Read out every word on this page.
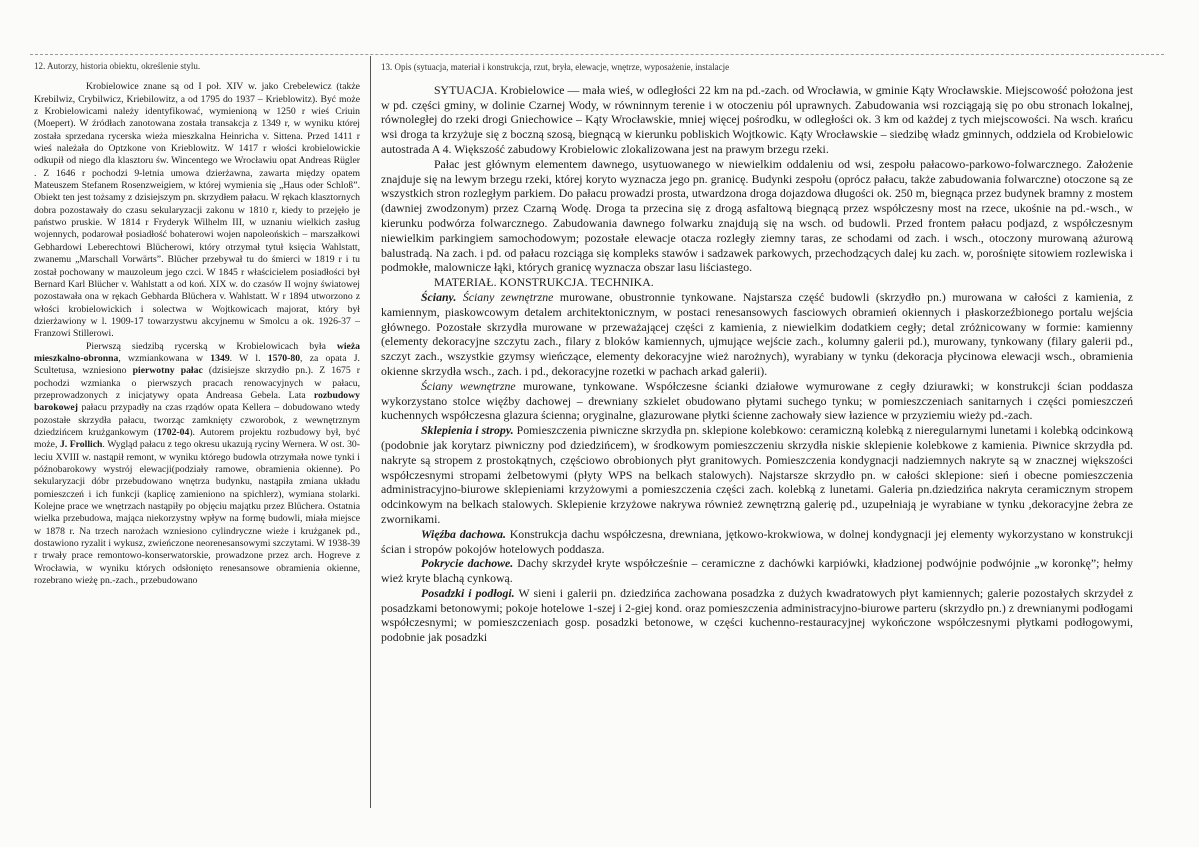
12. Autorzy, historia obiektu, określenie stylu.

Krobielowice znane są od I poł. XIV w. jako Crebelewicz (także Krebilwiz, Crybilwicz, Kriebilowitz, a od 1795 do 1937 – Krieblowitz). Być może z Krobielowicami należy identyfikować, wymienioną w 1250 r wieś Criuin (Moepert). W źródłach zanotowana została transakcja z 1349 r, w wyniku której została sprzedana rycerska wieża mieszkalna Heinricha v. Sittena. Przed 1411 r wieś należała do Optzkone von Krieblowitz. W 1417 r włości krobielowickie odkupił od niego dla klasztoru św. Wincentego we Wrocławiu opat Andreas Rügler . Z 1646 r pochodzi 9-letnia umowa dzierżawna, zawarta między opatem Mateuszem Stefanem Rosenzweigiem, w której wymienia się „Haus oder Schloß”. Obiekt ten jest tożsamy z dzisiejszym pn. skrzydłem pałacu. W rękach klasztornych dobra pozostawały do czasu sekularyzacji zakonu w 1810 r, kiedy to przejęło je państwo pruskie. W 1814 r Fryderyk Wilhelm III, w uznaniu wielkich zasług wojennych, podarował posiadłość bohaterowi wojen napoleońskich – marszałkowi Gebhardowi Leberechtowi Blücherowi, który otrzymał tytuł księcia Wahlstatt, zwanemu „Marschall Vorwärts”. Blücher przebywał tu do śmierci w 1819 r i tu został pochowany w mauzoleum jego czci. W 1845 r właścicielem posiadłości był Bernard Karl Blücher v. Wahlstatt a od koń. XIX w. do czasów II wojny światowej pozostawała ona w rękach Gebharda Blüchera v. Wahlstatt. W r 1894 utworzono z włości krobielowickich i solectwa w Wojtkowicach majorat, który był dzierżawiony w l. 1909-17 towarzystwu akcyjnemu w Smolcu a ok. 1926-37 – Franzowi Stillerowi.

Pierwszą siedzibą rycerską w Krobielowicach była wieża mieszkalno-obronna, wzmiankowana w 1349. W l. 1570-80, za opata J. Scultetusa, wzniesiono pierwotny pałac (dzisiejsze skrzydło pn.). Z 1675 r pochodzi wzmianka o pierwszych pracach renowacyjnych w pałacu, przeprowadzonych z inicjatywy opata Andreasa Gebela. Lata rozbudowy barokowej pałacu przypadły na czas rządów opata Kellera – dobudowano wtedy pozostałe skrzydła pałacu, tworząc zamknięty czworobok, z wewnętrznym dziedzińcem krużgankowym (1702-04). Autorem projektu rozbudowy był, być może, J. Frollich. Wygląd pałacu z tego okresu ukazują ryciny Wernera. W ost. 30-leciu XVIII w. nastąpił remont, w wyniku którego budowla otrzymała nowe tynki i późnobarokowy wystrój elewacji(podziały ramowe, obramienia okienne). Po sekularyzacji dóbr przebudowano wnętrza budynku, nastąpiła zmiana układu pomieszczeń i ich funkcji (kaplicę zamieniono na spichlerz), wymiana stolarki. Kolejne prace we wnętrzach nastąpiły po objęciu majątku przez Blüchera. Ostatnia wielka przebudowa, mająca niekorzystny wpływ na formę budowli, miała miejsce w 1878 r. Na trzech narożach wzniesiono cylindryczne wieże i krużganek pd., dostawiono ryzalit i wykusz, zwieńczone neorenesansowymi szczytami. W 1938-39 r trwały prace remontowo-konserwatorskie, prowadzone przez arch. Hogreve z Wrocławia, w wyniku których odsłonięto renesansowe obramienia okienne, rozebrano wieżę pn.-zach., przebudowano

13. Opis (sytuacja, materiał i konstrukcja, rzut, bryła, elewacje, wnętrze, wyposażenie, instalacje

SYTUACJA. Krobielowice — mała wieś, w odległości 22 km na pd.-zach. od Wrocławia, w gminie Kąty Wrocławskie. Miejscowość położona jest w pd. części gminy, w dolinie Czarnej Wody, w równinnym terenie i w otoczeniu pól uprawnych. Zabudowania wsi rozciągają się po obu stronach lokalnej, równoległej do rzeki drogi Gniechowice – Kąty Wrocławskie, mniej więcej pośrodku, w odległości ok. 3 km od każdej z tych miejscowości. Na wsch. krańcu wsi droga ta krzyżuje się z boczną szosą, biegnącą w kierunku pobliskich Wojtkowic. Kąty Wrocławskie – siedzibę władz gminnych, oddziela od Krobielowic autostrada A 4. Większość zabudowy Krobielowic zlokalizowana jest na prawym brzegu rzeki.

Pałac jest głównym elementem dawnego, usytuowanego w niewielkim oddaleniu od wsi, zespołu pałacowo-parkowo-folwarcznego. Założenie znajduje się na lewym brzegu rzeki, której koryto wyznacza jego pn. granicę. Budynki zespołu (oprócz pałacu, także zabudowania folwarczne) otoczone są ze wszystkich stron rozległym parkiem. Do pałacu prowadzi prosta, utwardzona droga dojazdowa długości ok. 250 m, biegnąca przez budynek bramny z mostem (dawniej zwodzonym) przez Czarną Wodę. Droga ta przecina się z drogą asfaltową biegnącą przez współczesny most na rzece, ukośnie na pd.-wsch., w kierunku podwórza folwarcznego. Zabudowania dawnego folwarku znajdują się na wsch. od budowli. Przed frontem pałacu podjazd, z współczesnym niewielkim parkingiem samochodowym; pozostałe elewacje otacza rozległy ziemny taras, ze schodami od zach. i wsch., otoczony murowaną ażurową balustradą. Na zach. i pd. od pałacu rozciąga się kompleks stawów i sadzawek parkowych, przechodzących dalej ku zach. w, porośnięte sitowiem rozlewiska i podmokłe, malownicze łąki, których granicę wyznacza obszar lasu liściastego.

MATERIAŁ. KONSTRUKCJA. TECHNIKA.

Ściany. Ściany zewnętrzne murowane, obustronnie tynkowane. Najstarsza część budowli (skrzydło pn.) murowana w całości z kamienia, z kamiennym, piaskowcowym detalem architektonicznym, w postaci renesansowych fasciowych obramień okiennych i płaskorzeźbionego portalu wejścia głównego. Pozostałe skrzydła murowane w przeważającej części z kamienia, z niewielkim dodatkiem cegły; detal zróżnicowany w formie: kamienny (elementy dekoracyjne szczytu zach., filary z bloków kamiennych, ujmujące wejście zach., kolumny galerii pd.), murowany, tynkowany (filary galerii pd., szczyt zach., wszystkie gzymsy wieńczące, elementy dekoracyjne wież narożnych), wyrabiany w tynku (dekoracja płycinowa elewacji wsch., obramienia okienne skrzydła wsch., zach. i pd., dekoracyjne rozetki w pachach arkad galerii).

Ściany wewnętrzne murowane, tynkowane. Współczesne ścianki działowe wymurowane z cegły dziurawki; w konstrukcji ścian poddasza wykorzystano stolce więźby dachowej – drewniany szkielet obudowano płytami suchego tynku; w pomieszczeniach sanitarnych i części pomieszczeń kuchennych współczesna glazura ścienna; oryginalne, glazurowane płytki ścienne zachowały siew łazience w przyziemiu wieży pd.-zach.

Sklepienia i stropy. Pomieszczenia piwniczne skrzydła pn. sklepione kolebkowo: ceramiczną kolebką z nieregularnymi lunetami i kolebką odcinkową (podobnie jak korytarz piwniczny pod dziedzińcem), w środkowym pomieszczeniu skrzydła niskie sklepienie kolebkowe z kamienia. Piwnice skrzydła pd. nakryte są stropem z prostokątnych, częściowo obrobionych płyt granitowych. Pomieszczenia kondygnacji nadziemnych nakryte są w znacznej większości współczesnymi stropami żelbetowymi (płyty WPS na belkach stalowych). Najstarsze skrzydło pn. w całości sklepione: sień i obecne pomieszczenia administracyjno-biurowe sklepieniami krzyżowymi a pomieszczenia części zach. kolebką z lunetami. Galeria pn.dziedzińca nakryta ceramicznym stropem odcinkowym na belkach stalowych. Sklepienie krzyżowe nakrywa również zewnętrzną galerię pd., uzupełniają je wyrabiane w tynku ,dekoracyjne żebra ze zwornikami.

Więźba dachowa. Konstrukcja dachu współczesna, drewniana, jętkowo-krokwiowa, w dolnej kondygnacji jej elementy wykorzystano w konstrukcji ścian i stropów pokojów hotelowych poddasza.

Pokrycie dachowe. Dachy skrzydeł kryte współcześnie – ceramiczne z dachówki karpiówki, kładzionej podwójnie podwójnie „w koronkę”; hełmy wież kryte blachą cynkową.

Posadzki i podłogi. W sieni i galerii pn. dziedzińca zachowana posadzka z dużych kwadratowych płyt kamiennych; galerie pozostałych skrzydeł z posadzkami betonowymi; pokoje hotelowe 1-szej i 2-giej kond. oraz pomieszczenia administracyjno-biurowe parteru (skrzydło pn.) z drewnianymi podłogami współczesnymi; w pomieszczeniach gosp. posadzki betonowe, w części kuchenno-restauracyjnej wykończone współczesnymi płytkami podłogowymi, podobnie jak posadzki
